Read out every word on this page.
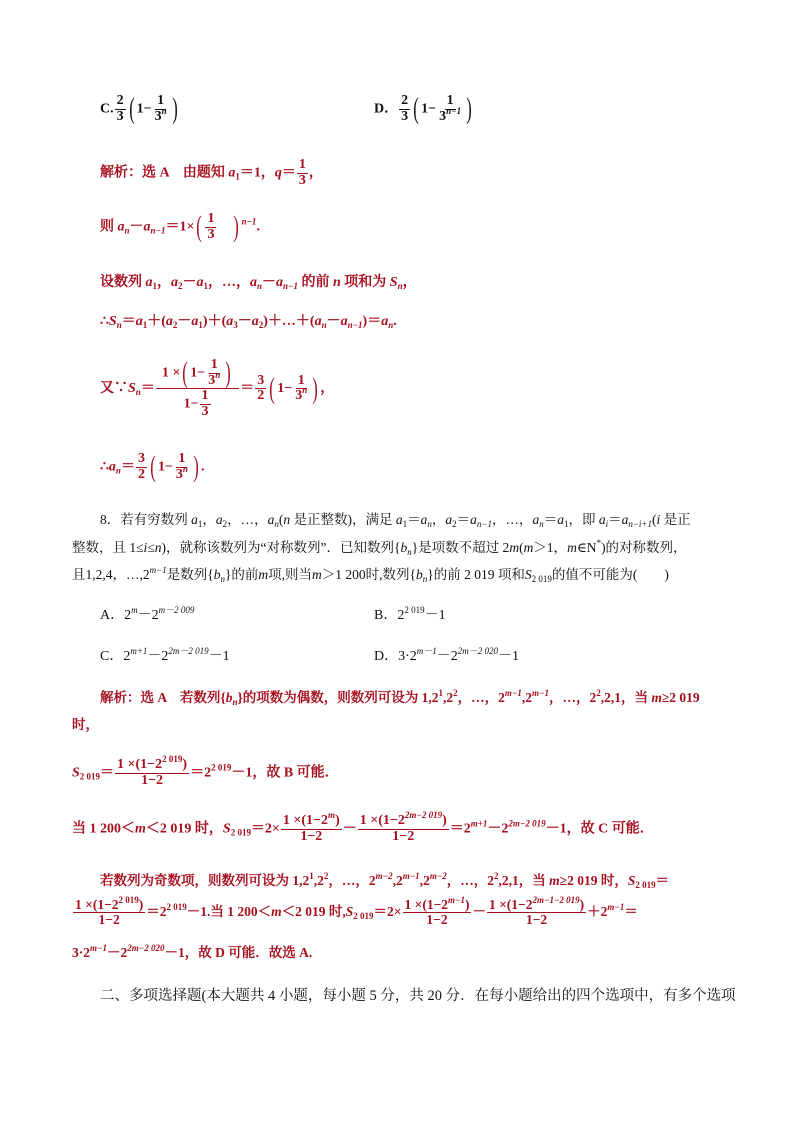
C. $\frac{2}{3}$ ( $1- \frac{1}{3^n}$ )	D． $\frac{2}{3}$ ( $1- \frac{1}{3^{n-1}}$ )
解析：选 A　由题知 $a_1=1$，$q= \frac{1}{3}$ ，
则 $a_n-a_{n-1}=1\times( \frac{1}{3}$ ) $^{n-1}$.
设数列 $a_1$，$a_2-a_1$，…，$a_n-a_{n-1}$ 的前 n 项和为 $S_n$，
$\therefore S_n=a_1+(a_2-a_1)+(a_3-a_2)+\dots+(a_n-a_{n-1})=a_n$.
又$\because S_n= \frac{1 \times( 1- \frac{1}{3^n} )}{1- \frac{1}{3}} = \frac{3}{2}$ ( $1- \frac{1}{3^n}$ ) ，
$\therefore a_n= \frac{3}{2}$ ( $1- \frac{1}{3^n}$ ) .
8．若有穷数列 $a_1$，$a_2$，…，$a_n(n$ 是正整数)，满足 $a_1=a_n$，$a_2=a_{n-1}$，…，$a_n=a_1$，即 $a_i=a_{n-i+1}(i$ 是正
整数，且 1≤i≤n)，就称该数列为“对称数列”．已知数列$\{b_n\}$是项数不超过 2m(m＞1，m∈N*)的对称数列，
且1,2,4，$\dots,2^{m-1}$是数列$\{b_n\}$的前m项,则当m＞1 200时,数列$\{b_n\}$的前 2 019 项和$S_{2 019}$的值不可能为(　　)
A．$2^m-2^{m-2 009}$	B．$2^{2 019}-1$
C．$2^{m+1}-2^{2m-2 019}-1$	D．$3\cdot 2^{m-1}-2^{2m-2 020}-1$
解析：选 A　若数列$\{b_n\}$的项数为偶数，则数列可设为 $1,2^1,2^2$，…，$2^{m-1},2^{m-1}$，…，$2^2,2,1$，当 m≥2 019
时，
$S_{2 019}= \frac{1 \times(1-2^{2 019})}{1-2} =2^{2 019}-1$，故 B 可能．
当 1 200＜m＜2 019 时，$S_{2 019}=2\times \frac{1 \times(1-2^m)}{1-2} - \frac{1 \times(1-2^{2m-2 019})}{1-2} =2^{m+1}-2^{2m-2 019}-1$，故 C 可能．
若数列为奇数项，则数列可设为 $1,2^1,2^2$，…，$2^{m-2},2^{m-1},2^{m-2}$，…，$2^2,2,1$，当 m≥2 019 时，$S_{2 019}=$
$\frac{1 \times(1-2^{2 019})}{1-2} =2^{2 019}-1$.当 1 200＜m＜2 019 时$,S_{2 019}=2\times \frac{1 \times(1-2^{m-1})}{1-2} - \frac{1 \times(1-2^{2m-1-2 019})}{1-2} +2^{m-1}=$
$3\cdot 2^{m-1}-2^{2m-2 020}-1$，故 D 可能．故选 A.
二、多项选择题(本大题共 4 小题，每小题 5 分，共 20 分．在每小题给出的四个选项中，有多个选项
